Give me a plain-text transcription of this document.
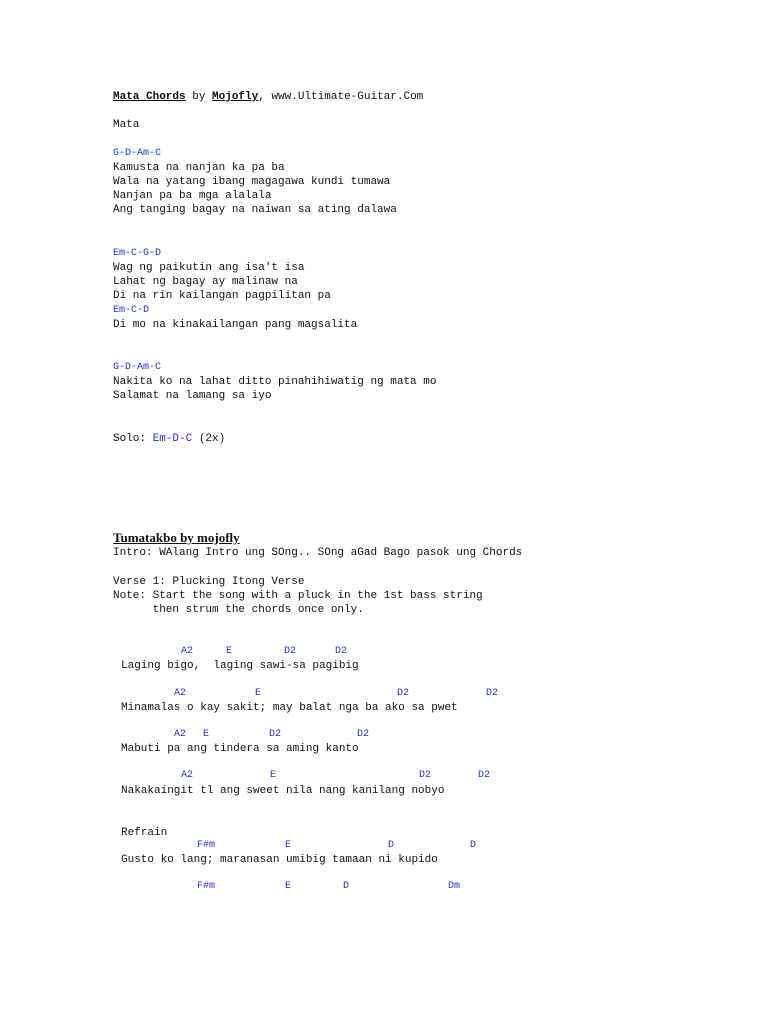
Mata Chords by Mojofly, www.Ultimate-Guitar.Com
Mata
G-D-Am-C
Kamusta na nanjan ka pa ba
Wala na yatang ibang magagawa kundi tumawa
Nanjan pa ba mga alalala
Ang tanging bagay na naiwan sa ating dalawa
Em-C-G-D
Wag ng paikutin ang isa't isa
Lahat ng bagay ay malinaw na
Di na rin kailangan pagpilitan pa
Em-C-D
Di mo na kinakailangan pang magsalita
G-D-Am-C
Nakita ko na lahat ditto pinahihiwatig ng mata mo
Salamat na lamang sa iyo
Solo: Em-D-C (2x)
Tumatakbo by mojofly
Intro: WAlang Intro ung SOng.. SOng aGad Bago pasok ung Chords
Verse 1: Plucking Itong Verse
Note: Start the song with a pluck in the 1st bass string
then strum the chords once only.
A2	E	D2	D2
Laging bigo,  laging sawi-sa pagibig
A2	E	D2	D2
Minamalas o kay sakit; may balat nga ba ako sa pwet
A2 E	D2	D2
Mabuti pa ang tindera sa aming kanto
A2	E	D2	D2
Nakakaingit tl ang sweet nila nang kanilang nobyo
Refrain
F#m	E	D	D
Gusto ko lang; maranasan umibig tamaan ni kupido
F#m	E	D	Dm
